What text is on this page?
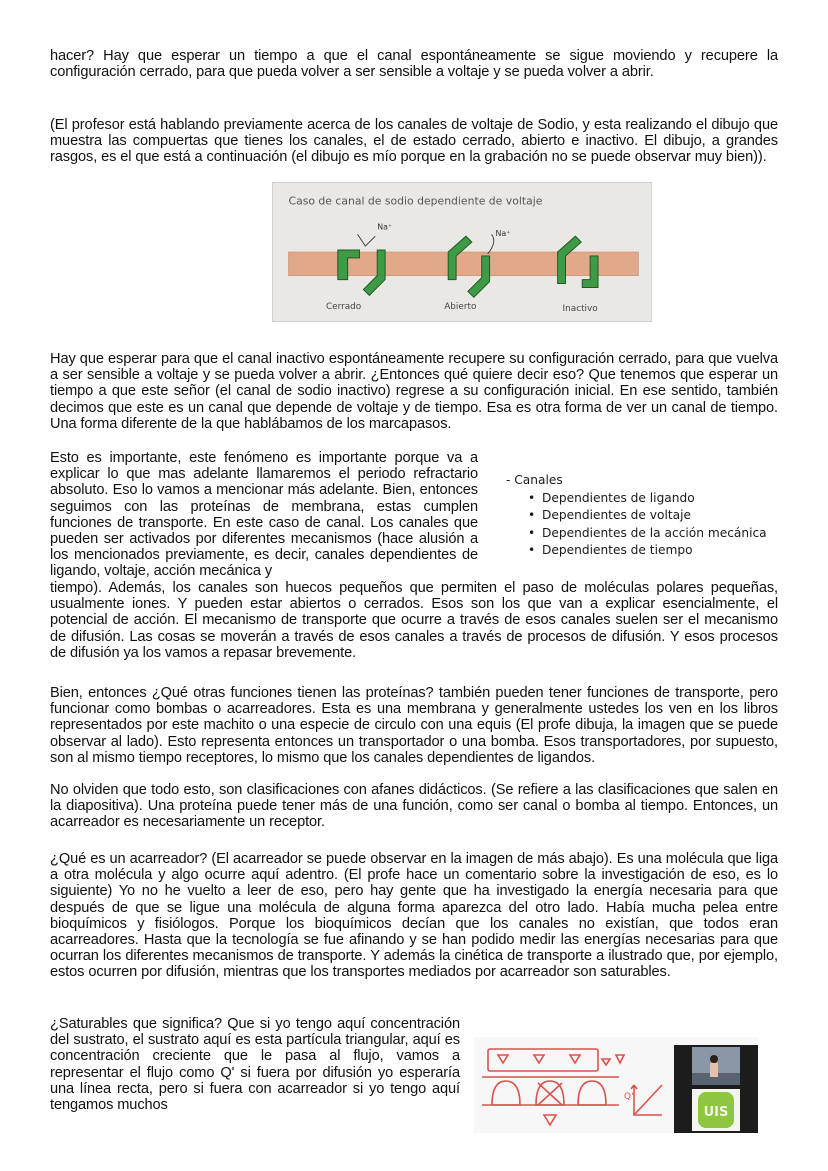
hacer? Hay que esperar un tiempo a que el canal espontáneamente se sigue moviendo y recupere la configuración cerrado, para que pueda volver a ser sensible a voltaje y se pueda volver a abrir.

(El profesor está hablando previamente acerca de los canales de voltaje de Sodio, y esta realizando el dibujo que muestra las compuertas que tienes los canales, el de estado cerrado, abierto e inactivo. El dibujo, a grandes rasgos, es el que está a continuación (el dibujo es mío porque en la grabación no se puede observar muy bien)).

Caso de canal de sodio dependiente de voltaje
Na⁺
Cerrado
Na⁺
Abierto	Inactivo

Hay que esperar para que el canal inactivo espontáneamente recupere su configuración cerrado, para que vuelva a ser sensible a voltaje y se pueda volver a abrir. ¿Entonces qué quiere decir eso? Que tenemos que esperar un tiempo a que este señor (el canal de sodio inactivo) regrese a su configuración inicial. En ese sentido, también decimos que este es un canal que depende de voltaje y de tiempo. Esa es otra forma de ver un canal de tiempo. Una forma diferente de la que hablábamos de los marcapasos.

Esto es importante, este fenómeno es importante porque va a explicar lo que mas adelante llamaremos el periodo refractario absoluto. Eso lo vamos a mencionar más adelante. Bien, entonces seguimos con las proteínas de membrana, estas cumplen funciones de transporte. En este caso de canal. Los canales que pueden ser activados por diferentes mecanismos (hace alusión a los mencionados previamente, es decir, canales dependientes de ligando, voltaje, acción mecánica y

- Canales

• Dependientes de ligando
• Dependientes de voltaje
• Dependientes de la acción mecánica
• Dependientes de tiempo

tiempo). Además, los canales son huecos pequeños que permiten el paso de moléculas polares pequeñas, usualmente iones. Y pueden estar abiertos o cerrados. Esos son los que van a explicar esencialmente, el potencial de acción. El mecanismo de transporte que ocurre a través de esos canales suelen ser el mecanismo de difusión. Las cosas se moverán a través de esos canales a través de procesos de difusión. Y esos procesos de difusión ya los vamos a repasar brevemente.

Bien, entonces ¿Qué otras funciones tienen las proteínas? también pueden tener funciones de transporte, pero funcionar como bombas o acarreadores. Esta es una membrana y generalmente ustedes los ven en los libros representados por este machito o una especie de circulo con una equis (El profe dibuja, la imagen que se puede observar al lado). Esto representa entonces un transportador o una bomba. Esos transportadores, por supuesto, son al mismo tiempo receptores, lo mismo que los canales dependientes de ligandos.

No olviden que todo esto, son clasificaciones con afanes didácticos. (Se refiere a las clasificaciones que salen en la diapositiva). Una proteína puede tener más de una función, como ser canal o bomba al tiempo. Entonces, un acarreador es necesariamente un receptor.

¿Qué es un acarreador? (El acarreador se puede observar en la imagen de más abajo). Es una molécula que liga a otra molécula y algo ocurre aquí adentro. (El profe hace un comentario sobre la investigación de eso, es lo siguiente) Yo no he vuelto a leer de eso, pero hay gente que ha investigado la energía necesaria para que después de que se ligue una molécula de alguna forma aparezca del otro lado. Había mucha pelea entre bioquímicos y fisiólogos. Porque los bioquímicos decían que los canales no existían, que todos eran acarreadores. Hasta que la tecnología se fue afinando y se han podido medir las energías necesarias para que ocurran los diferentes mecanismos de transporte. Y además la cinética de transporte a ilustrado que, por ejemplo, estos ocurren por difusión, mientras que los transportes mediados por acarreador son saturables.

¿Saturables que significa? Que si yo tengo aquí concentración del sustrato, el sustrato aquí es esta partícula triangular, aquí es concentración creciente que le pasa al flujo, vamos a representar el flujo como Q' si fuera por difusión yo esperaría una línea recta, pero si fuera con acarreador si yo tengo aquí tengamos muchos

Q'
UIS
